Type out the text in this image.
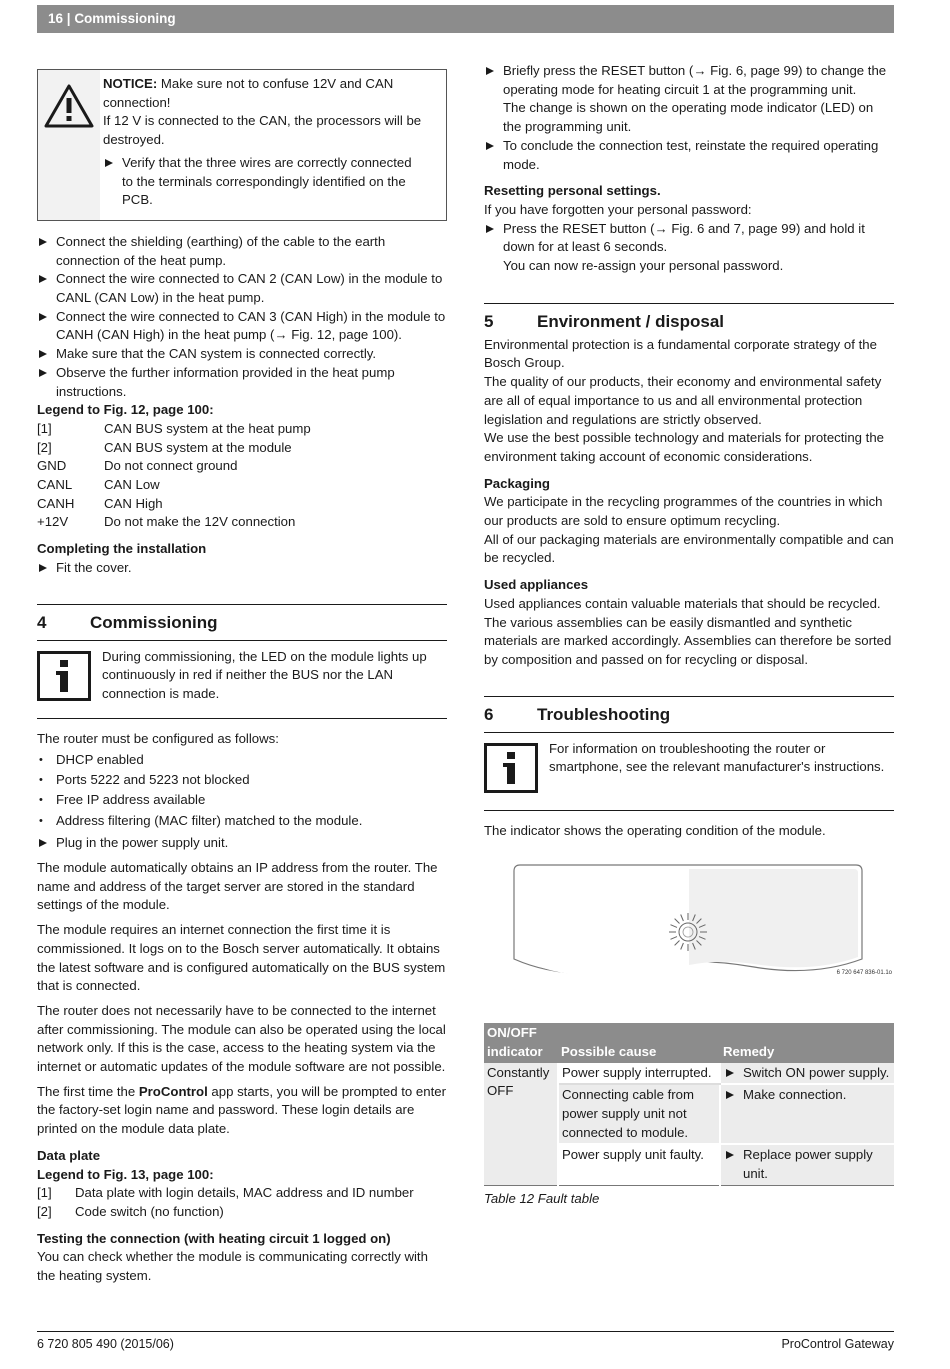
16 | Commissioning

NOTICE: Make sure not to confuse 12V and CAN connection!

If 12 V is connected to the CAN, the processors will be destroyed.

Verify that the three wires are correctly connected to the terminals correspondingly identified on the PCB.

Connect the shielding (earthing) of the cable to the earth connection of the heat pump.

Connect the wire connected to CAN 2 (CAN Low) in the module to CANL (CAN Low) in the heat pump.

Connect the wire connected to CAN 3 (CAN High) in the module to CANH (CAN High) in the heat pump (→ Fig. 12, page 100).

Make sure that the CAN system is connected correctly.

Observe the further information provided in the heat pump instructions.

Legend to Fig. 12, page 100:

[1]	CAN BUS system at the heat pump
[2]	CAN BUS system at the module
GND	Do not connect ground
CANL	CAN Low
CANH	CAN High
+12V	Do not make the 12V connection

Completing the installation

Fit the cover.

4	Commissioning

During commissioning, the LED on the module lights up continuously in red if neither the BUS nor the LAN connection is made.

The router must be configured as follows:

• DHCP enabled

• Ports 5222 and 5223 not blocked

• Free IP address available

• Address filtering (MAC filter) matched to the module.

Plug in the power supply unit.

The module automatically obtains an IP address from the router. The name and address of the target server are stored in the standard settings of the module.

The module requires an internet connection the first time it is commissioned. It logs on to the Bosch server automatically. It obtains the latest software and is configured automatically on the BUS system that is connected.

The router does not necessarily have to be connected to the internet after commissioning. The module can also be operated using the local network only. If this is the case, access to the heating system via the internet or automatic updates of the module software are not possible.

The first time the ProControl app starts, you will be prompted to enter the factory-set login name and password. These login details are printed on the module data plate.

Data plate

Legend to Fig. 13, page 100:

[1]	Data plate with login details, MAC address and ID number
[2]	Code switch (no function)

Testing the connection (with heating circuit 1 logged on)

You can check whether the module is communicating correctly with the heating system.

Briefly press the RESET button (→ Fig. 6, page 99) to change the operating mode for heating circuit 1 at the programming unit.

The change is shown on the operating mode indicator (LED) on the programming unit.

To conclude the connection test, reinstate the required operating mode.

Resetting personal settings.

If you have forgotten your personal password:

Press the RESET button (→ Fig. 6 and 7, page 99) and hold it down for at least 6 seconds.

You can now re-assign your personal password.

5	Environment / disposal

Environmental protection is a fundamental corporate strategy of the Bosch Group.

The quality of our products, their economy and environmental safety are all of equal importance to us and all environmental protection legislation and regulations are strictly observed.

We use the best possible technology and materials for protecting the environment taking account of economic considerations.

Packaging

We participate in the recycling programmes of the countries in which our products are sold to ensure optimum recycling.

All of our packaging materials are environmentally compatible and can be recycled.

Used appliances

Used appliances contain valuable materials that should be recycled.

The various assemblies can be easily dismantled and synthetic materials are marked accordingly. Assemblies can therefore be sorted by composition and passed on for recycling or disposal.

6	Troubleshooting

For information on troubleshooting the router or smartphone, see the relevant manufacturer's instructions.

The indicator shows the operating condition of the module.

6 720 647 836-01.1o
ON/OFF indicator	Possible cause	Remedy
Constantly OFF	Power supply interrupted.	Switch ON power supply.

	Connecting cable from power supply unit not connected to module.	Make connection.

	Power supply unit faulty.	Replace power supply unit.

Table 12 Fault table

6 720 805 490 (2015/06)	ProControl Gateway
